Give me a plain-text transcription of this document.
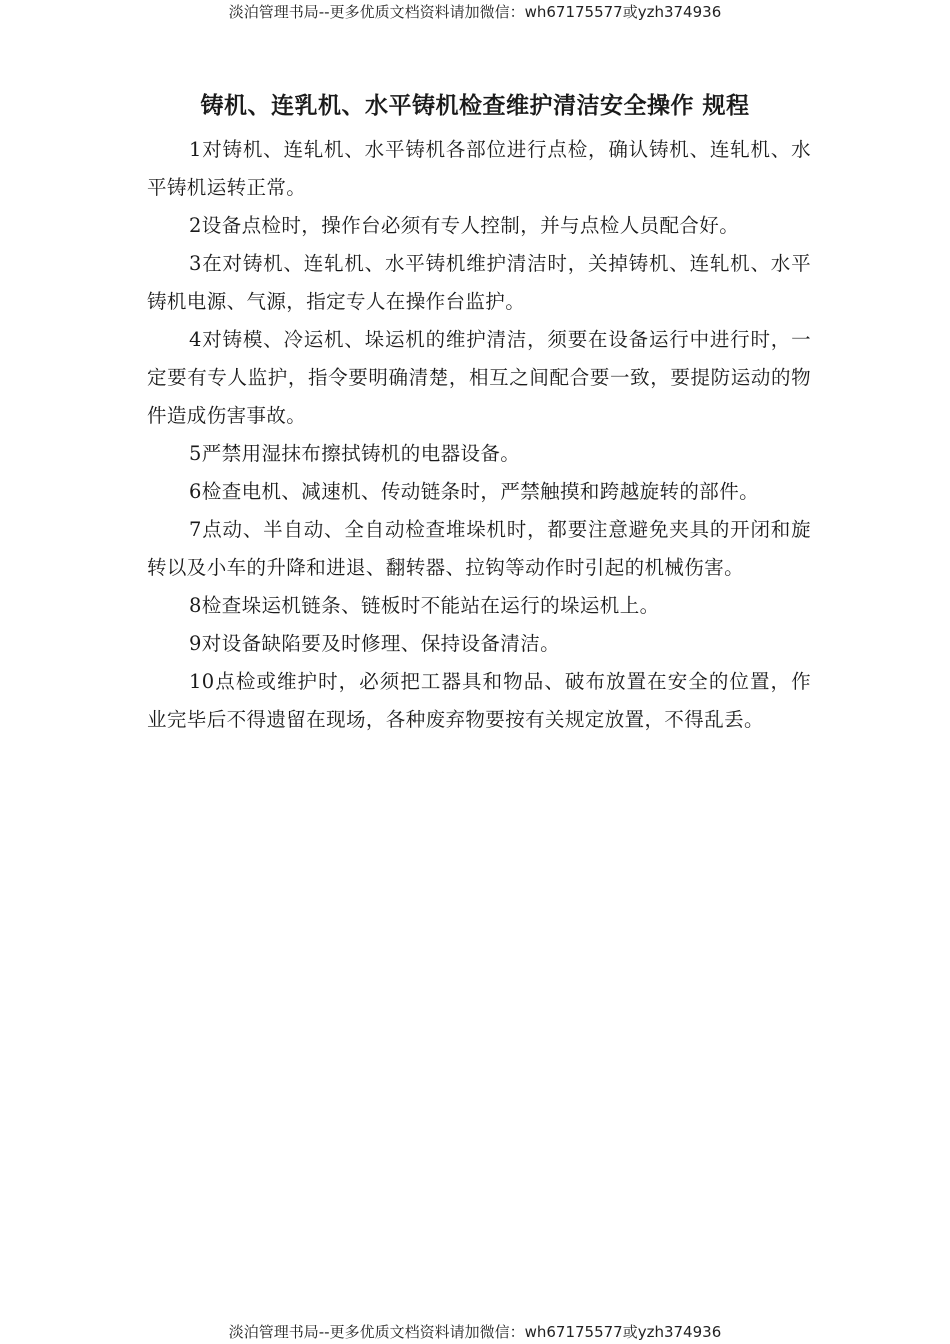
淡泊管理书局--更多优质文档资料请加微信：wh67175577或yzh374936
铸机、连乳机、水平铸机检查维护清洁安全操作 规程

1对铸机、连轧机、水平铸机各部位进行点检，确认铸机、连轧机、水平铸机运转正常。

2设备点检时，操作台必须有专人控制，并与点检人员配合好。

3在对铸机、连轧机、水平铸机维护清洁时，关掉铸机、连轧机、水平铸机电源、气源，指定专人在操作台监护。

4对铸模、冷运机、垛运机的维护清洁，须要在设备运行中进行时，一定要有专人监护，指令要明确清楚，相互之间配合要一致，要提防运动的物件造成伤害事故。

5严禁用湿抹布擦拭铸机的电器设备。

6检查电机、减速机、传动链条时，严禁触摸和跨越旋转的部件。

7点动、半自动、全自动检查堆垛机时，都要注意避免夹具的开闭和旋转以及小车的升降和进退、翻转器、拉钩等动作时引起的机械伤害。

8检查垛运机链条、链板时不能站在运行的垛运机上。

9对设备缺陷要及时修理、保持设备清洁。

10点检或维护时，必须把工器具和物品、破布放置在安全的位置，作业完毕后不得遗留在现场，各种废弃物要按有关规定放置，不得乱丢。

淡泊管理书局--更多优质文档资料请加微信：wh67175577或yzh374936
